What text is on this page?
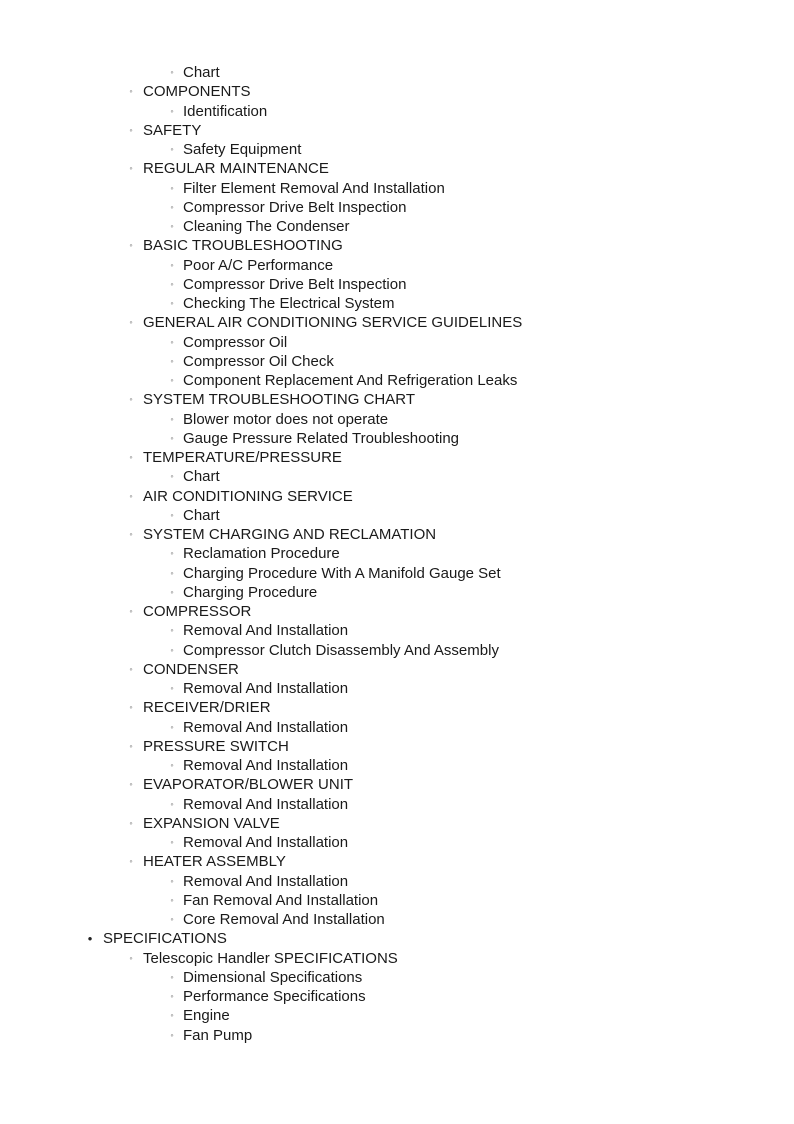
◦ Chart
◦ COMPONENTS
◦ Identification
◦ SAFETY
◦ Safety Equipment
◦ REGULAR MAINTENANCE
◦ Filter Element Removal And Installation
◦ Compressor Drive Belt Inspection
◦ Cleaning The Condenser
◦ BASIC TROUBLESHOOTING
◦ Poor A/C Performance
◦ Compressor Drive Belt Inspection
◦ Checking The Electrical System
◦ GENERAL AIR CONDITIONING SERVICE GUIDELINES
◦ Compressor Oil
◦ Compressor Oil Check
◦ Component Replacement And Refrigeration Leaks
◦ SYSTEM TROUBLESHOOTING CHART
◦ Blower motor does not operate
◦ Gauge Pressure Related Troubleshooting
◦ TEMPERATURE/PRESSURE
◦ Chart
◦ AIR CONDITIONING SERVICE
◦ Chart
◦ SYSTEM CHARGING AND RECLAMATION
◦ Reclamation Procedure
◦ Charging Procedure With A Manifold Gauge Set
◦ Charging Procedure
◦ COMPRESSOR
◦ Removal And Installation
◦ Compressor Clutch Disassembly And Assembly
◦ CONDENSER
◦ Removal And Installation
◦ RECEIVER/DRIER
◦ Removal And Installation
◦ PRESSURE SWITCH
◦ Removal And Installation
◦ EVAPORATOR/BLOWER UNIT
◦ Removal And Installation
◦ EXPANSION VALVE
◦ Removal And Installation
◦ HEATER ASSEMBLY
◦ Removal And Installation
◦ Fan Removal And Installation
◦ Core Removal And Installation
• SPECIFICATIONS
◦ Telescopic Handler SPECIFICATIONS
◦ Dimensional Specifications
◦ Performance Specifications
◦ Engine
◦ Fan Pump
